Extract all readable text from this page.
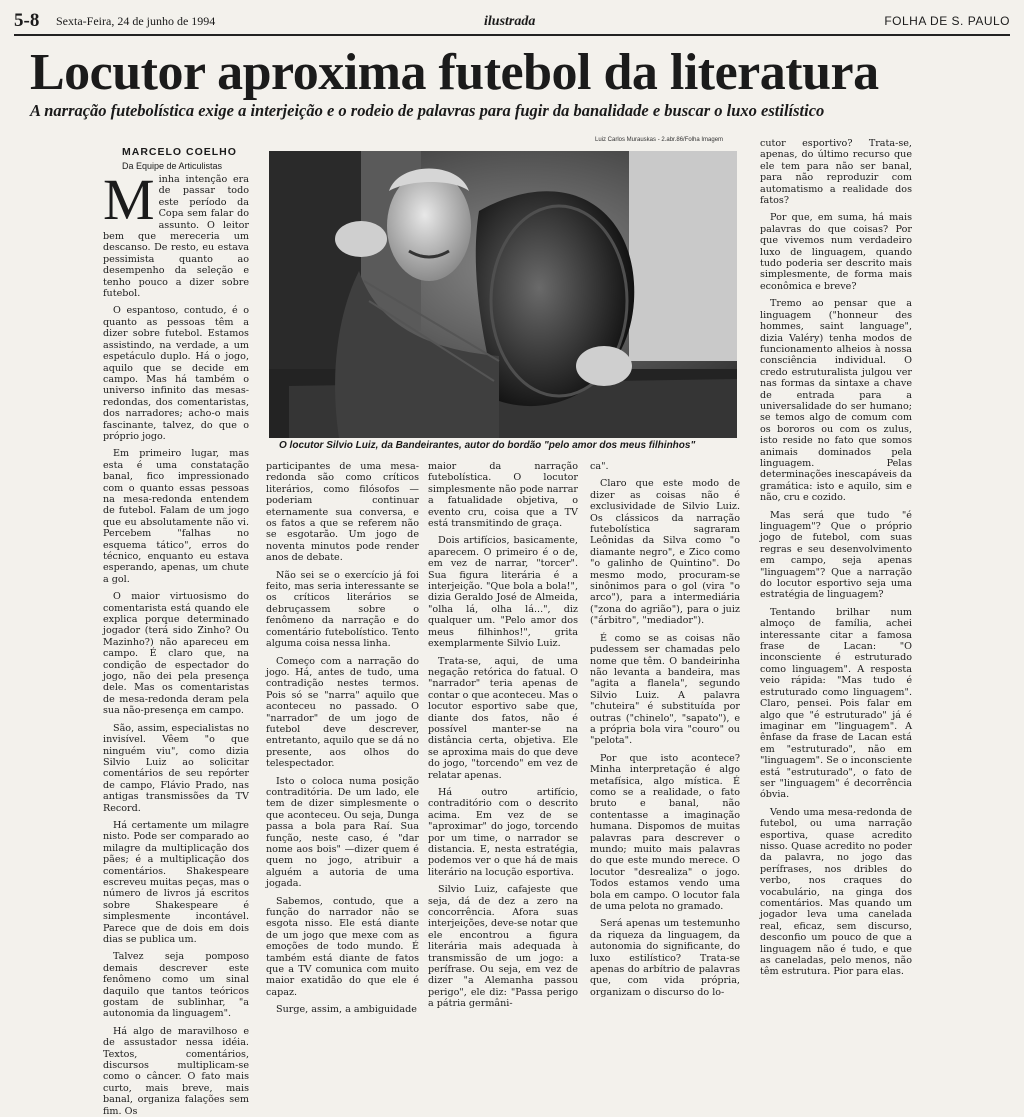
5-8 Sexta-Feira, 24 de junho de 1994	ilustrada	FOLHA DE S. PAULO
Locutor aproxima futebol da literatura
A narração futebolística exige a interjeição e o rodeio de palavras para fugir da banalidade e buscar o luxo estilístico
MARCELO COELHO
Da Equipe de Articulistas
Luiz Carlos Murauskas - 2.abr.86/Folha Imagem
O locutor Silvio Luiz, da Bandeirantes, autor do bordão "pelo amor dos meus filhinhos"

Minha intenção era de passar todo este período da Copa sem falar do assunto. O leitor bem que mereceria um descanso. De resto, eu estava pessimista quanto ao desempenho da seleção e tenho pouco a dizer sobre futebol.

O espantoso, contudo, é o quanto as pessoas têm a dizer sobre futebol. Estamos assistindo, na verdade, a um espetáculo duplo. Há o jogo, aquilo que se decide em campo. Mas há também o universo infinito das mesas-redondas, dos comentaristas, dos narradores; acho-o mais fascinante, talvez, do que o próprio jogo.

Em primeiro lugar, mas esta é uma constatação banal, fico impressionado com o quanto essas pessoas na mesa-redonda entendem de futebol. Falam de um jogo que eu absolutamente não vi. Percebem "falhas no esquema tático", erros do técnico, enquanto eu estava esperando, apenas, um chute a gol.

O maior virtuosismo do comentarista está quando ele explica porque determinado jogador (terá sido Zinho? Ou Mazinho?) não apareceu em campo. É claro que, na condição de espectador do jogo, não dei pela presença dele. Mas os comentaristas de mesa-redonda deram pela sua não-presença em campo.

São, assim, especialistas no invisível. Vêem "o que ninguém viu", como dizia Silvio Luiz ao solicitar comentários de seu repórter de campo, Flávio Prado, nas antigas transmissões da TV Record.

Há certamente um milagre nisto. Pode ser comparado ao milagre da multiplicação dos pães; é a multiplicação dos comentários. Shakespeare escreveu muitas peças, mas o número de livros já escritos sobre Shakespeare é simplesmente incontável. Parece que de dois em dois dias se publica um.

Talvez seja pomposo demais descrever este fenômeno como um sinal daquilo que tantos teóricos gostam de sublinhar, "a autonomia da linguagem".

Há algo de maravilhoso e de assustador nessa idéia. Textos, comentários, discursos multiplicam-se como o câncer. O fato mais curto, mais breve, mais banal, organiza falações sem fim. Os

participantes de uma mesa-redonda são como críticos literários, como filósofos —poderiam continuar eternamente sua conversa, e os fatos a que se referem não se esgotarão. Um jogo de noventa minutos pode render anos de debate.

Não sei se o exercício já foi feito, mas seria interessante se os críticos literários se debruçassem sobre o fenômeno da narração e do comentário futebolístico. Tento alguma coisa nessa linha.

Começo com a narração do jogo. Há, antes de tudo, uma contradição nestes termos. Pois só se "narra" aquilo que aconteceu no passado. O "narrador" de um jogo de futebol deve descrever, entretanto, aquilo que se dá no presente, aos olhos do telespectador.

Isto o coloca numa posição contraditória. De um lado, ele tem de dizer simplesmente o que aconteceu. Ou seja, Dunga passa a bola para Raí. Sua função, neste caso, é "dar nome aos bois" —dizer quem é quem no jogo, atribuir a alguém a autoria de uma jogada.

Sabemos, contudo, que a função do narrador não se esgota nisso. Ele está diante de um jogo que mexe com as emoções de todo mundo. É também está diante de fatos que a TV comunica com muito maior exatidão do que ele é capaz.

Surge, assim, a ambiguidade

maior da narração futebolística. O locutor simplesmente não pode narrar a fatualidade objetiva, o evento cru, coisa que a TV está transmitindo de graça.

Dois artifícios, basicamente, aparecem. O primeiro é o de, em vez de narrar, "torcer". Sua figura literária é a interjeição. "Que bola a bola!", dizia Geraldo José de Almeida, "olha lá, olha lá...", diz qualquer um. "Pelo amor dos meus filhinhos!", grita exemplarmente Silvio Luiz.

Trata-se, aqui, de uma negação retórica do fatual. O "narrador" teria apenas de contar o que aconteceu. Mas o locutor esportivo sabe que, diante dos fatos, não é possível manter-se na distância certa, objetiva. Ele se aproxima mais do que deve do jogo, "torcendo" em vez de relatar apenas.

Há outro artifício, contraditório com o descrito acima. Em vez de se "aproximar" do jogo, torcendo por um time, o narrador se distancia. E, nesta estratégia, podemos ver o que há de mais literário na locução esportiva.

Silvio Luiz, cafajeste que seja, dá de dez a zero na concorrência. Afora suas interjeições, deve-se notar que ele encontrou a figura literária mais adequada à transmissão de um jogo: a perífrase. Ou seja, em vez de dizer "a Alemanha passou perigo", ele diz: "Passa perigo a pátria germâni-

ca".

Claro que este modo de dizer as coisas não é exclusividade de Silvio Luiz. Os clássicos da narração futebolística sagraram Leônidas da Silva como "o diamante negro", e Zico como "o galinho de Quintino". Do mesmo modo, procuram-se sinônimos para o gol (vira "o arco"), para a intermediária ("zona do agrião"), para o juiz ("árbitro", "mediador").

É como se as coisas não pudessem ser chamadas pelo nome que têm. O bandeirinha não levanta a bandeira, mas "agita a flanela", segundo Silvio Luiz. A palavra "chuteira" é substituída por outras ("chinelo", "sapato"), e a própria bola vira "couro" ou "pelota".

Por que isto acontece? Minha interpretação é algo metafísica, algo mística. É como se a realidade, o fato bruto e banal, não contentasse a imaginação humana. Dispomos de muitas palavras para descrever o mundo; muito mais palavras do que este mundo merece. O locutor "desrealiza" o jogo. Todos estamos vendo uma bola em campo. O locutor fala de uma pelota no gramado.

Será apenas um testemunho da riqueza da linguagem, da autonomia do significante, do luxo estilístico? Trata-se apenas do arbítrio de palavras que, com vida própria, organizam o discurso do lo-

cutor esportivo? Trata-se, apenas, do último recurso que ele tem para não ser banal, para não reproduzir com automatismo a realidade dos fatos?

Por que, em suma, há mais palavras do que coisas? Por que vivemos num verdadeiro luxo de linguagem, quando tudo poderia ser descrito mais simplesmente, de forma mais econômica e breve?

Tremo ao pensar que a linguagem ("honneur des hommes, saint language", dizia Valéry) tenha modos de funcionamento alheios à nossa consciência individual. O credo estruturalista julgou ver nas formas da sintaxe a chave de entrada para a universalidade do ser humano; se temos algo de comum com os bororos ou com os zulus, isto reside no fato que somos animais dominados pela linguagem. Pelas determinações inescapáveis da gramática: isto e aquilo, sim e não, cru e cozido.

Mas será que tudo "é linguagem"? Que o próprio jogo de futebol, com suas regras e seu desenvolvimento em campo, seja apenas "linguagem"? Que a narração do locutor esportivo seja uma estratégia de linguagem?

Tentando brilhar num almoço de família, achei interessante citar a famosa frase de Lacan: "O inconsciente é estruturado como linguagem". A resposta veio rápida: "Mas tudo é estruturado como linguagem". Claro, pensei. Pois falar em algo que "é estruturado" já é imaginar em "linguagem". A ênfase da frase de Lacan está em "estruturado", não em "linguagem". Se o inconsciente está "estruturado", o fato de ser "linguagem" é decorrência óbvia.

Vendo uma mesa-redonda de futebol, ou uma narração esportiva, quase acredito nisso. Quase acredito no poder da palavra, no jogo das perífrases, nos dribles do verbo, nos craques do vocabulário, na ginga dos comentários. Mas quando um jogador leva uma canelada real, eficaz, sem discurso, desconfio um pouco de que a linguagem não é tudo, e que as caneladas, pelo menos, não têm estrutura. Pior para elas.
